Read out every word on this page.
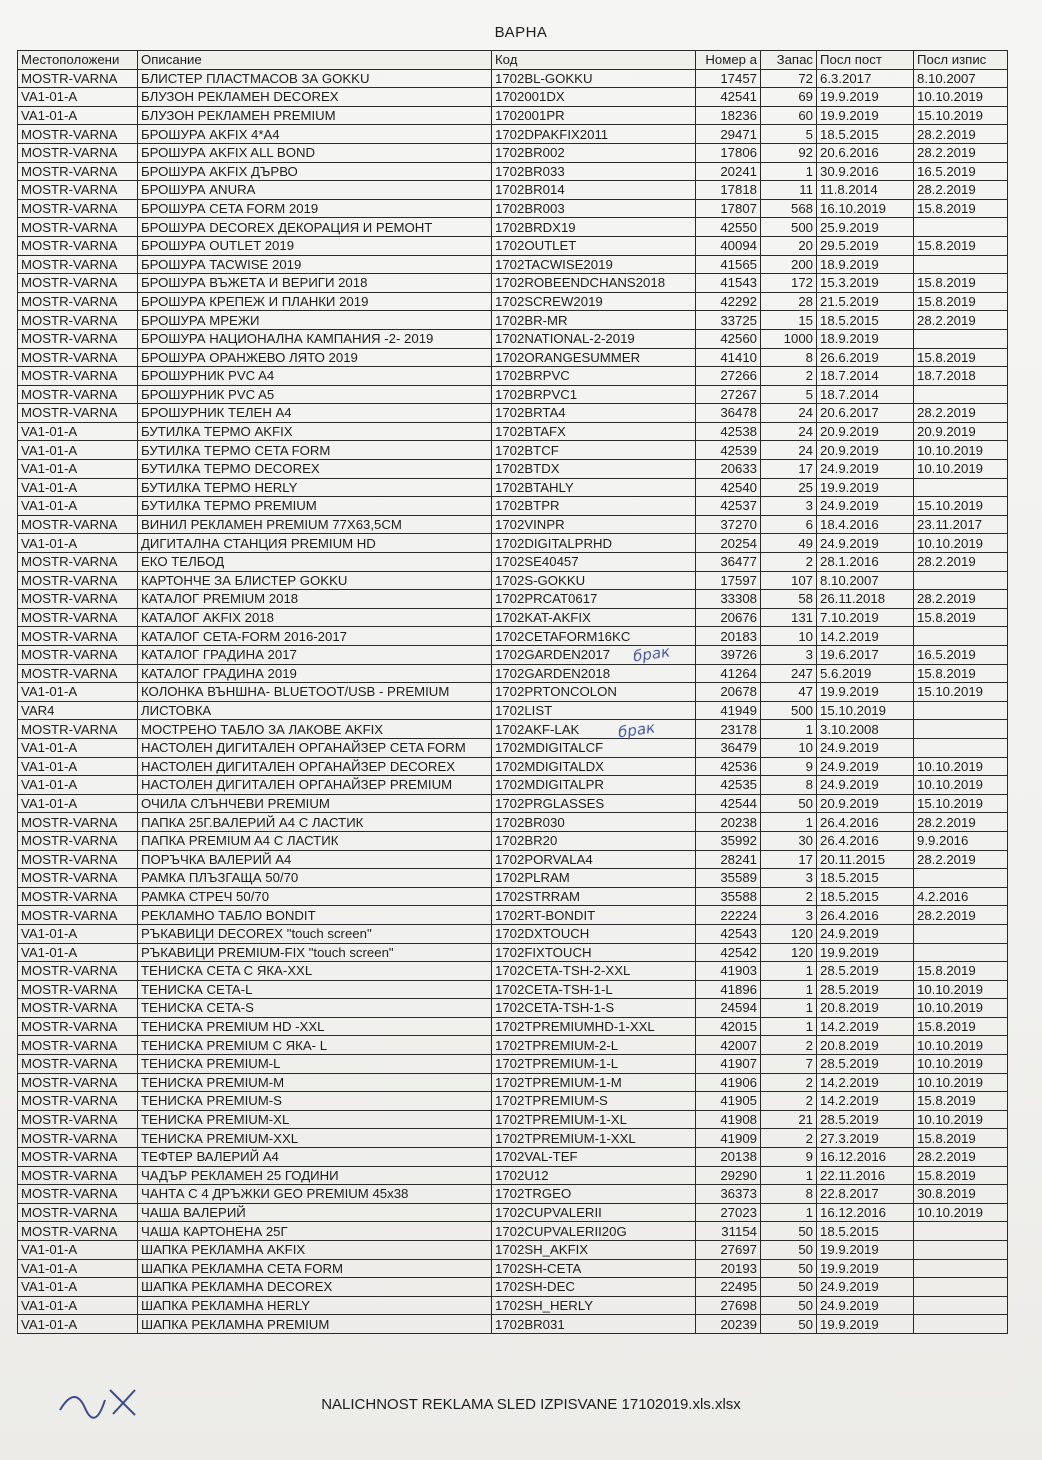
ВАРНА
Местоположени	Описание	Код	Номер а	Запас	Посл пост	Посл изпис
MOSTR-VARNA	БЛИСТЕР ПЛАСТМАСОВ ЗА GOKKU	1702BL-GOKKU	17457	72	6.3.2017	8.10.2007
VA1-01-A	БЛУЗОН РЕКЛАМЕН DECOREX	1702001DX	42541	69	19.9.2019	10.10.2019
VA1-01-A	БЛУЗОН РЕКЛАМЕН PREMIUM	1702001PR	18236	60	19.9.2019	15.10.2019
MOSTR-VARNA	БРОШУРА AKFIX 4*A4	1702DPAKFIX2011	29471	5	18.5.2015	28.2.2019
MOSTR-VARNA	БРОШУРА AKFIX ALL BOND	1702BR002	17806	92	20.6.2016	28.2.2019
MOSTR-VARNA	БРОШУРА AKFIX ДЪРВО	1702BR033	20241	1	30.9.2016	16.5.2019
MOSTR-VARNA	БРОШУРА ANURA	1702BR014	17818	11	11.8.2014	28.2.2019
MOSTR-VARNA	БРОШУРА CETA FORM 2019	1702BR003	17807	568	16.10.2019	15.8.2019
MOSTR-VARNA	БРОШУРА DECOREX ДЕКОРАЦИЯ И РЕМОНТ	1702BRDX19	42550	500	25.9.2019	
MOSTR-VARNA	БРОШУРА OUTLET 2019	1702OUTLET	40094	20	29.5.2019	15.8.2019
MOSTR-VARNA	БРОШУРА TACWISE 2019	1702TACWISE2019	41565	200	18.9.2019	
MOSTR-VARNA	БРОШУРА ВЪЖЕТА И ВЕРИГИ 2018	1702ROBEENDCHANS2018	41543	172	15.3.2019	15.8.2019
MOSTR-VARNA	БРОШУРА КРЕПЕЖ И ПЛАНКИ 2019	1702SCREW2019	42292	28	21.5.2019	15.8.2019
MOSTR-VARNA	БРОШУРА МРЕЖИ	1702BR-MR	33725	15	18.5.2015	28.2.2019
MOSTR-VARNA	БРОШУРА НАЦИОНАЛНА КАМПАНИЯ -2- 2019	1702NATIONAL-2-2019	42560	1000	18.9.2019	
MOSTR-VARNA	БРОШУРА ОРАНЖЕВО ЛЯТО 2019	1702ORANGESUMMER	41410	8	26.6.2019	15.8.2019
MOSTR-VARNA	БРОШУРНИК PVC A4	1702BRPVC	27266	2	18.7.2014	18.7.2018
MOSTR-VARNA	БРОШУРНИК PVC A5	1702BRPVC1	27267	5	18.7.2014	
MOSTR-VARNA	БРОШУРНИК ТЕЛЕН A4	1702BRTA4	36478	24	20.6.2017	28.2.2019
VA1-01-A	БУТИЛКА ТЕРМО AKFIX	1702BTAFX	42538	24	20.9.2019	20.9.2019
VA1-01-A	БУТИЛКА ТЕРМО CETA FORM	1702BTCF	42539	24	20.9.2019	10.10.2019
VA1-01-A	БУТИЛКА ТЕРМО DECOREX	1702BTDX	20633	17	24.9.2019	10.10.2019
VA1-01-A	БУТИЛКА ТЕРМО HERLY	1702BTAHLY	42540	25	19.9.2019	
VA1-01-A	БУТИЛКА ТЕРМО PREMIUM	1702BTPR	42537	3	24.9.2019	15.10.2019
MOSTR-VARNA	ВИНИЛ РЕКЛАМЕН PREMIUM 77X63,5CM	1702VINPR	37270	6	18.4.2016	23.11.2017
VA1-01-A	ДИГИТАЛНА СТАНЦИЯ PREMIUM HD	1702DIGITALPRHD	20254	49	24.9.2019	10.10.2019
MOSTR-VARNA	ЕКО ТЕЛБОД	1702SE40457	36477	2	28.1.2016	28.2.2019
MOSTR-VARNA	КАРТОНЧЕ ЗА БЛИСТЕР GOKKU	1702S-GOKKU	17597	107	8.10.2007	
MOSTR-VARNA	КАТАЛОГ PREMIUM 2018	1702PRCAT0617	33308	58	26.11.2018	28.2.2019
MOSTR-VARNA	КАТАЛОГ AKFIX 2018	1702KAT-AKFIX	20676	131	7.10.2019	15.8.2019
MOSTR-VARNA	КАТАЛОГ CETA-FORM 2016-2017	1702CETAFORM16KC	20183	10	14.2.2019	
MOSTR-VARNA	КАТАЛОГ ГРАДИНА 2017	1702GARDEN2017	39726	3	19.6.2017	16.5.2019
MOSTR-VARNA	КАТАЛОГ ГРАДИНА 2019	1702GARDEN2018	41264	247	5.6.2019	15.8.2019
VA1-01-A	КОЛОНКА ВЪНШНА- BLUETOOT/USB - PREMIUM	1702PRTONCOLON	20678	47	19.9.2019	15.10.2019
VAR4	ЛИСТОВКА	1702LIST	41949	500	15.10.2019	
MOSTR-VARNA	МОСТРЕНО ТАБЛО ЗА ЛАКОВЕ AKFIX	1702AKF-LAK	23178	1	3.10.2008	
VA1-01-A	НАСТОЛЕН ДИГИТАЛЕН ОРГАНАЙЗЕР CETA FORM	1702MDIGITALCF	36479	10	24.9.2019	
VA1-01-A	НАСТОЛЕН ДИГИТАЛЕН ОРГАНАЙЗЕР DECOREX	1702MDIGITALDX	42536	9	24.9.2019	10.10.2019
VA1-01-A	НАСТОЛЕН ДИГИТАЛЕН ОРГАНАЙЗЕР PREMIUM	1702MDIGITALPR	42535	8	24.9.2019	10.10.2019
VA1-01-A	ОЧИЛА СЛЪНЧЕВИ PREMIUM	1702PRGLASSES	42544	50	20.9.2019	15.10.2019
MOSTR-VARNA	ПАПКА 25Г.ВАЛЕРИЙ A4 С ЛАСТИК	1702BR030	20238	1	26.4.2016	28.2.2019
MOSTR-VARNA	ПАПКА PREMIUM A4 С ЛАСТИК	1702BR20	35992	30	26.4.2016	9.9.2016
MOSTR-VARNA	ПОРЪЧКА ВАЛЕРИЙ A4	1702PORVALA4	28241	17	20.11.2015	28.2.2019
MOSTR-VARNA	РАМКА ПЛЪЗГАЩА 50/70	1702PLRAM	35589	3	18.5.2015	
MOSTR-VARNA	РАМКА СТРЕЧ 50/70	1702STRRAM	35588	2	18.5.2015	4.2.2016
MOSTR-VARNA	РЕКЛАМНО ТАБЛО BONDIT	1702RT-BONDIT	22224	3	26.4.2016	28.2.2019
VA1-01-A	РЪКАВИЦИ DECOREX "touch screen"	1702DXTOUCH	42543	120	24.9.2019	
VA1-01-A	РЪКАВИЦИ PREMIUM-FIX "touch screen"	1702FIXTOUCH	42542	120	19.9.2019	
MOSTR-VARNA	ТЕНИСКА CETA С ЯКА-XXL	1702CETA-TSH-2-XXL	41903	1	28.5.2019	15.8.2019
MOSTR-VARNA	ТЕНИСКА CETA-L	1702CETA-TSH-1-L	41896	1	28.5.2019	10.10.2019
MOSTR-VARNA	ТЕНИСКА CETA-S	1702CETA-TSH-1-S	24594	1	20.8.2019	10.10.2019
MOSTR-VARNA	ТЕНИСКА PREMIUM HD -XXL	1702TPREMIUMHD-1-XXL	42015	1	14.2.2019	15.8.2019
MOSTR-VARNA	ТЕНИСКА PREMIUM С ЯКА- L	1702TPREMIUM-2-L	42007	2	20.8.2019	10.10.2019
MOSTR-VARNA	ТЕНИСКА PREMIUM-L	1702TPREMIUM-1-L	41907	7	28.5.2019	10.10.2019
MOSTR-VARNA	ТЕНИСКА PREMIUM-M	1702TPREMIUM-1-M	41906	2	14.2.2019	10.10.2019
MOSTR-VARNA	ТЕНИСКА PREMIUM-S	1702TPREMIUM-S	41905	2	14.2.2019	15.8.2019
MOSTR-VARNA	ТЕНИСКА PREMIUM-XL	1702TPREMIUM-1-XL	41908	21	28.5.2019	10.10.2019
MOSTR-VARNA	ТЕНИСКА PREMIUM-XXL	1702TPREMIUM-1-XXL	41909	2	27.3.2019	15.8.2019
MOSTR-VARNA	ТЕФТЕР ВАЛЕРИЙ A4	1702VAL-TEF	20138	9	16.12.2016	28.2.2019
MOSTR-VARNA	ЧАДЪР РЕКЛАМЕН 25 ГОДИНИ	1702U12	29290	1	22.11.2016	15.8.2019
MOSTR-VARNA	ЧАНТА С 4 ДРЪЖКИ GEO PREMIUM 45x38	1702TRGEO	36373	8	22.8.2017	30.8.2019
MOSTR-VARNA	ЧАША ВАЛЕРИЙ	1702CUPVALERII	27023	1	16.12.2016	10.10.2019
MOSTR-VARNA	ЧАША КАРТОНЕНА 25Г	1702CUPVALERII20G	31154	50	18.5.2015	
VA1-01-A	ШАПКА РЕКЛАМНА AKFIX	1702SH_AKFIX	27697	50	19.9.2019	
VA1-01-A	ШАПКА РЕКЛАМНА CETA FORM	1702SH-CETA	20193	50	19.9.2019	
VA1-01-A	ШАПКА РЕКЛАМНА DECOREX	1702SH-DEC	22495	50	24.9.2019	
VA1-01-A	ШАПКА РЕКЛАМНА HERLY	1702SH_HERLY	27698	50	24.9.2019	
VA1-01-A	ШАПКА РЕКЛАМНА PREMIUM	1702BR031	20239	50	19.9.2019	
брак
брак
NALICHNOST REKLAMA SLED IZPISVANE 17102019.xls.xlsx
